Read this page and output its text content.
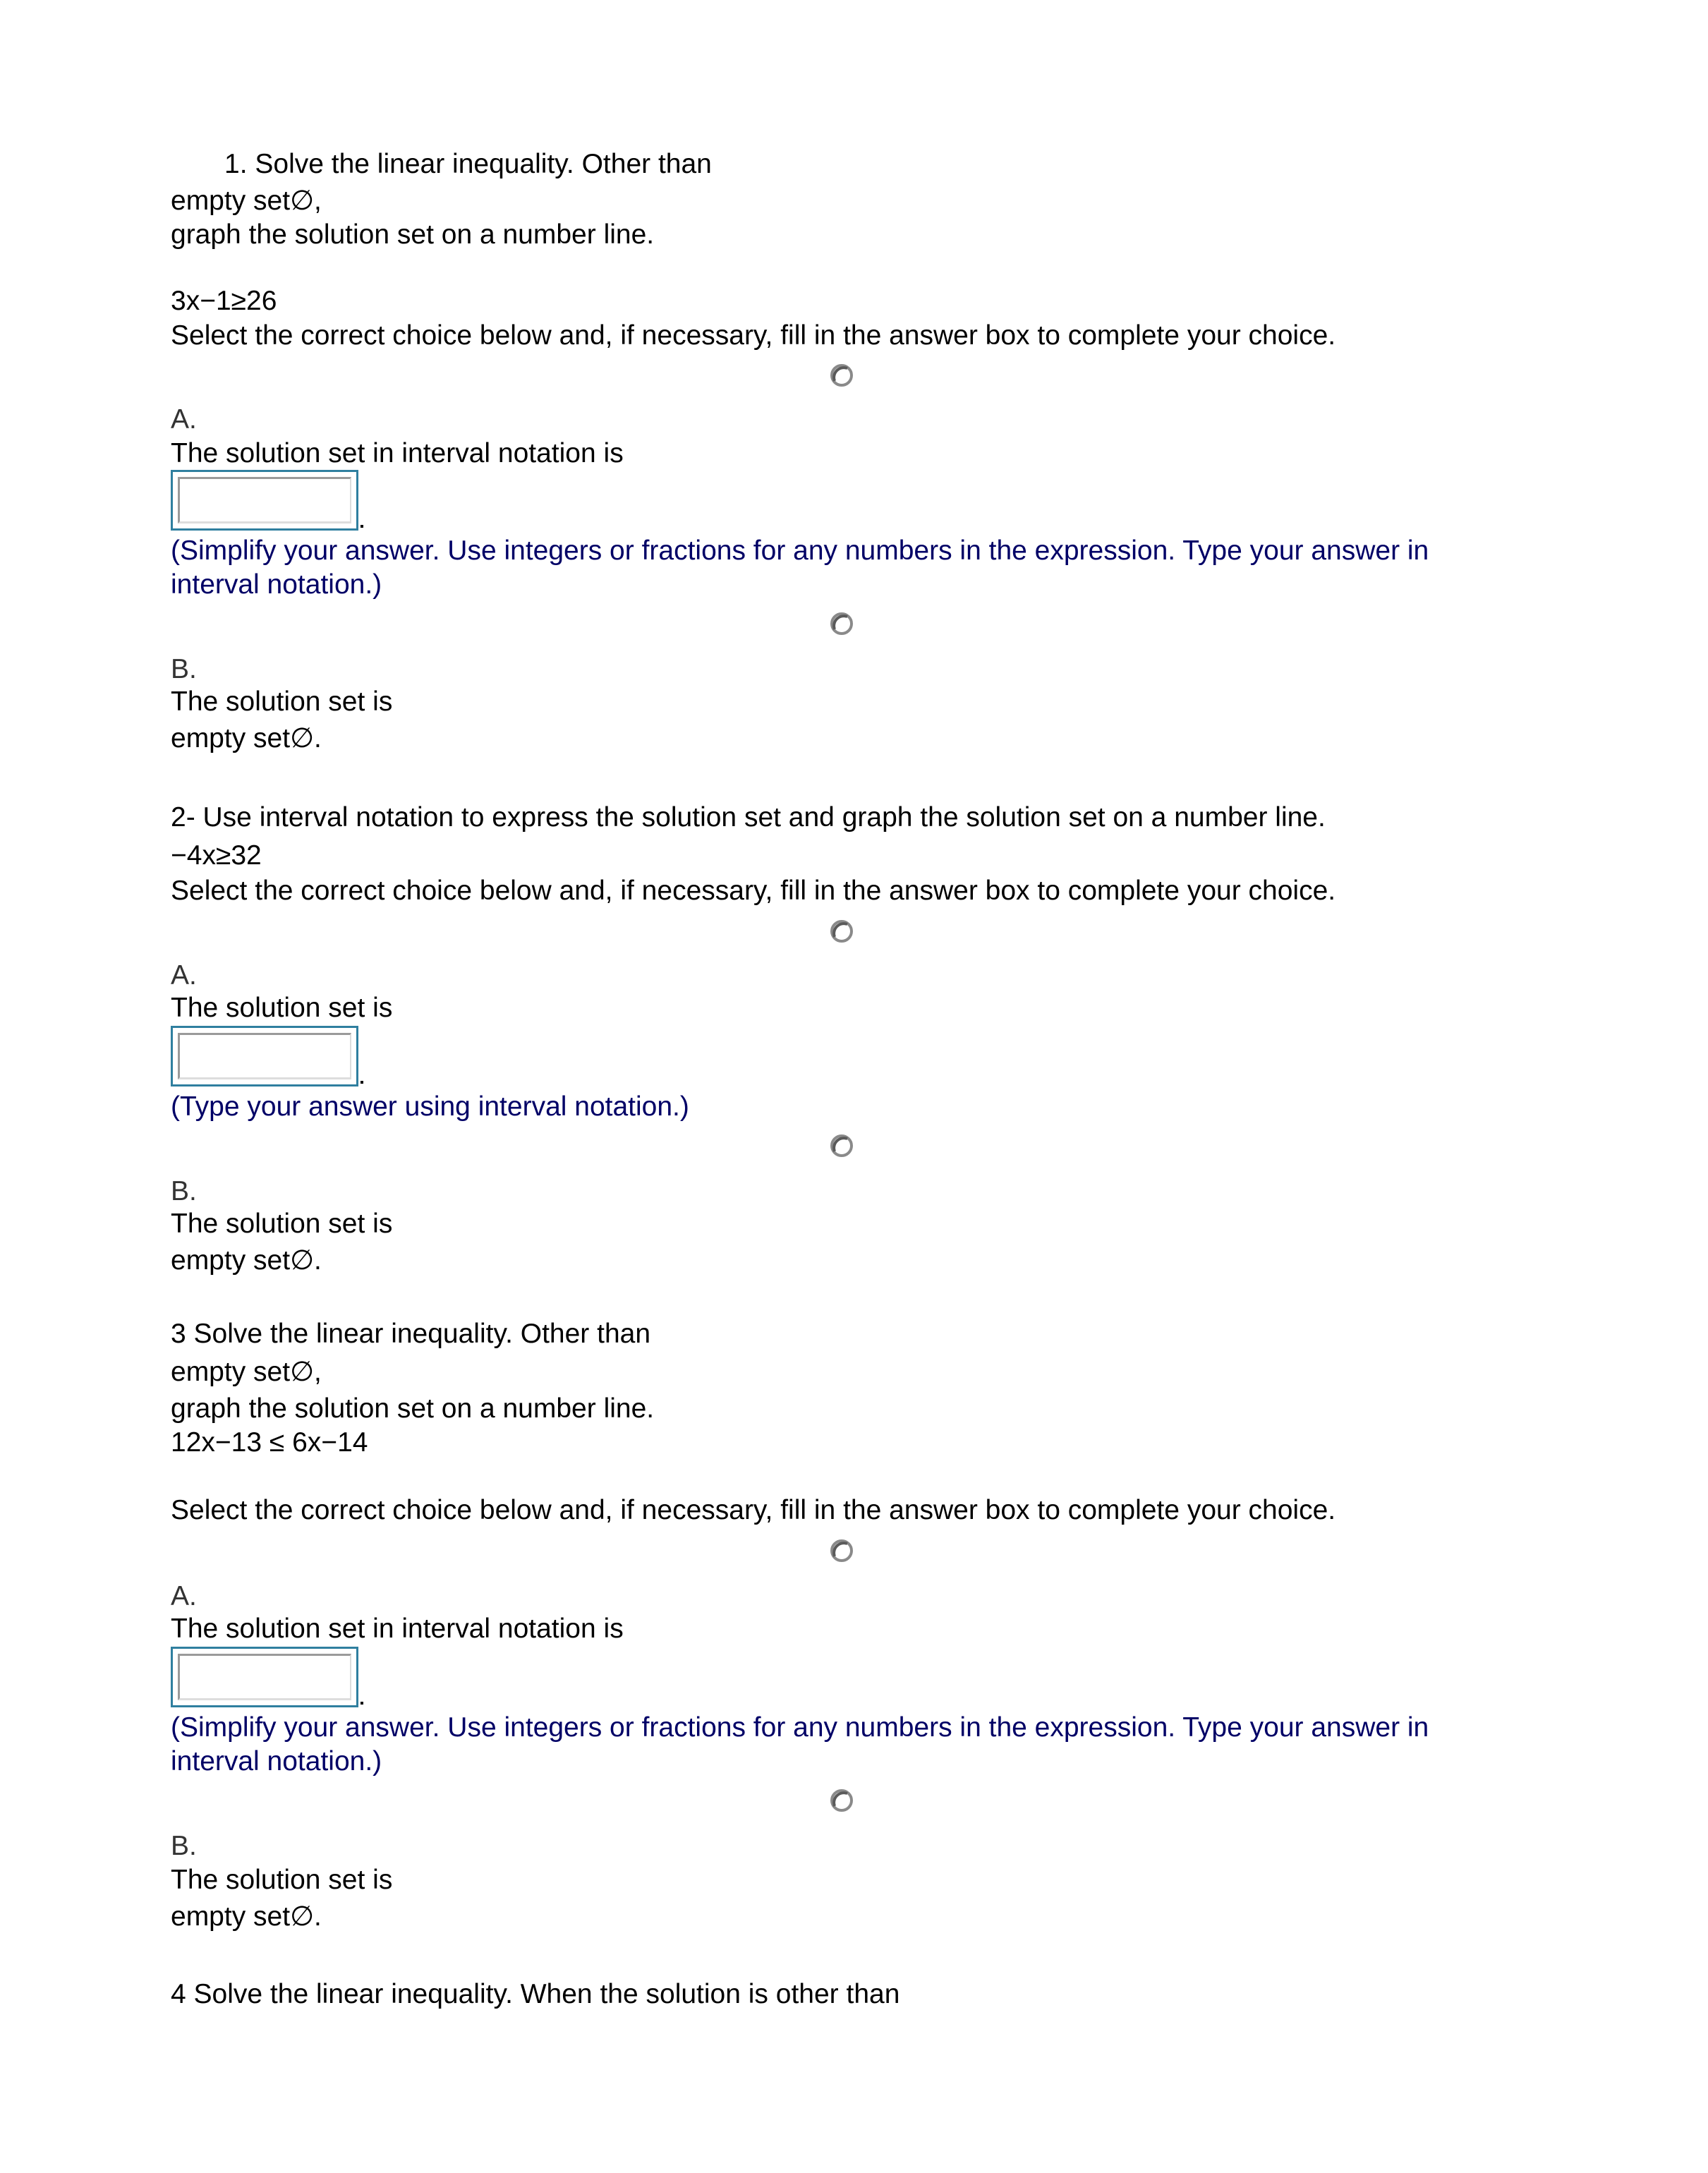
1. Solve the linear inequality. Other than
empty set∅,
graph the solution set on a number line.
3x−1≥26
Select the correct choice below and, if necessary, fill in the answer box to complete your choice.
A.
The solution set in interval notation is
(Simplify your answer. Use integers or fractions for any numbers in the expression. Type your answer in
interval notation.)
B.
The solution set is
empty set∅.
2- Use interval notation to express the solution set and graph the solution set on a number line.
−4x≥32
Select the correct choice below and, if necessary, fill in the answer box to complete your choice.
A.
The solution set is
(Type your answer using interval notation.)
B.
The solution set is
empty set∅.
3 Solve the linear inequality. Other than
empty set∅,
graph the solution set on a number line.
12x−13 ≤ 6x−14
Select the correct choice below and, if necessary, fill in the answer box to complete your choice.
A.
The solution set in interval notation is
(Simplify your answer. Use integers or fractions for any numbers in the expression. Type your answer in
interval notation.)
B.
The solution set is
empty set∅.
4 Solve the linear inequality. When the solution is other than
